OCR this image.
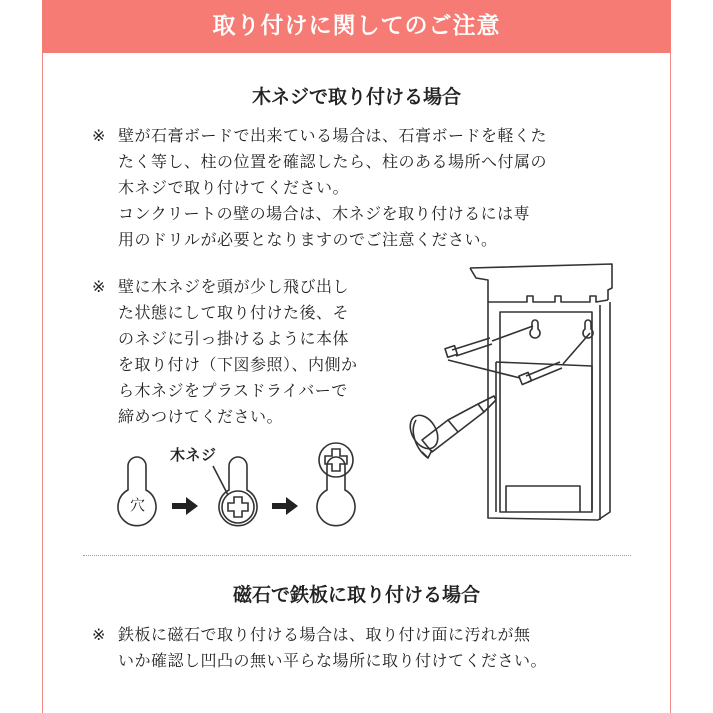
取り付けに関してのご注意
木ネジで取り付ける場合
※ 壁が石膏ボードで出来ている場合は、石膏ボードを軽くた
たく等し、柱の位置を確認したら、柱のある場所へ付属の
木ネジで取り付けてください。
コンクリートの壁の場合は、木ネジを取り付けるには専
用のドリルが必要となりますのでご注意ください。
※ 壁に木ネジを頭が少し飛び出し
た状態にして取り付けた後、そ
のネジに引っ掛けるように本体
を取り付け（下図参照）、内側か
ら木ネジをプラスドライバーで
締めつけてください。
穴
木ネジ
磁石で鉄板に取り付ける場合
※ 鉄板に磁石で取り付ける場合は、取り付け面に汚れが無
いか確認し凹凸の無い平らな場所に取り付けてください。
